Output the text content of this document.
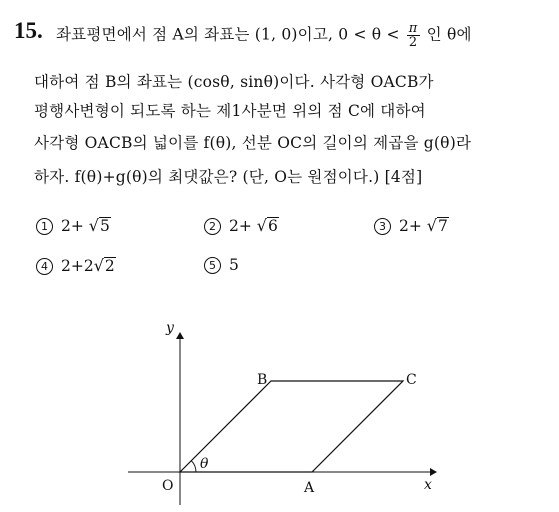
15. 좌표평면에서 점 A의 좌표는 (1, 0)이고, $0 < \theta < \frac{\pi}{2}$ 인 θ에
대하여 점 B의 좌표는 (cosθ, sinθ)이다. 사각형 OACB가
평행사변형이 되도록 하는 제1사분면 위의 점 C에 대하여
사각형 OACB의 넓이를 f(θ), 선분 OC의 길이의 제곱을 g(θ)라
하자. f(θ)+g(θ)의 최댓값은? (단, O는 원점이다.) [4점]
1 2+ √5	2 2+ √6	3 2+ √7
4 2+2√2	5 5
y
x
O	A
B	C
θ
